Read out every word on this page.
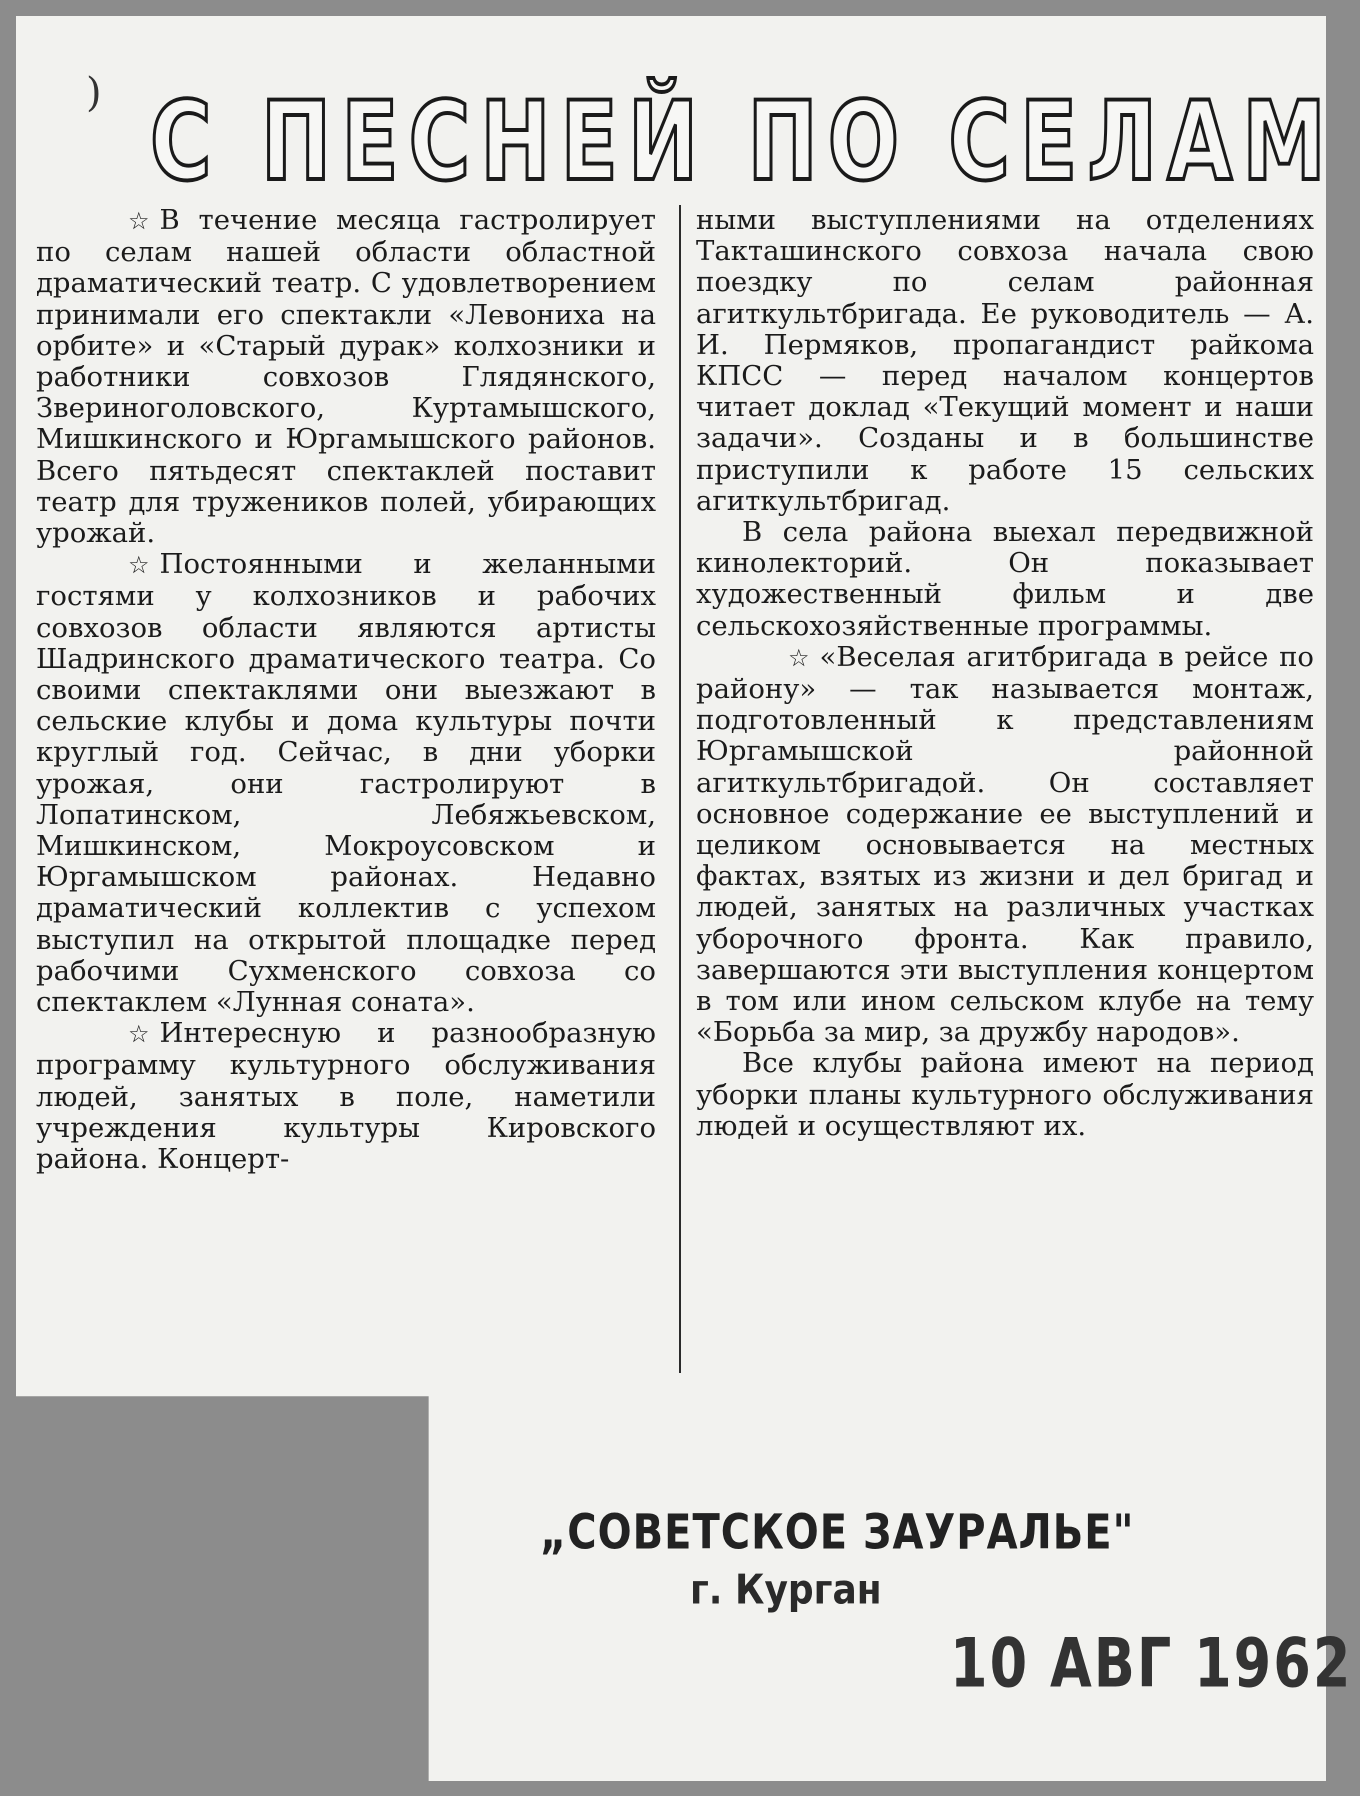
) С ПЕСНЕЙ ПО СЕЛАМ

☆ В течение месяца гастролирует по селам нашей области областной драматический театр. С удовлетворением принимали его спектакли «Левониха на орбите» и «Старый дурак» колхозники и работники совхозов Глядянского, Звериноголовского, Куртамышского, Мишкинского и Юргамышского районов. Всего пятьдесят спектаклей поставит театр для тружеников полей, убирающих урожай.

☆ Постоянными и желанными гостями у колхозников и рабочих совхозов области являются артисты Шадринского драматического театра. Со своими спектаклями они выезжают в сельские клубы и дома культуры почти круглый год. Сейчас, в дни уборки урожая, они гастролируют в Лопатинском, Лебяжьевском, Мишкинском, Мокроусовском и Юргамышском районах. Недавно драматический коллектив с успехом выступил на открытой площадке перед рабочими Сухменского совхоза со спектаклем «Лунная соната».

☆ Интересную и разнообразную программу культурного обслуживания людей, занятых в поле, наметили учреждения культуры Кировского района. Концерт-

ными выступлениями на отделениях Такташинского совхоза начала свою поездку по селам районная агиткультбригада. Ее руководитель — А. И. Пермяков, пропагандист райкома КПСС — перед началом концертов читает доклад «Текущий момент и наши задачи». Созданы и в большинстве приступили к работе 15 сельских агиткультбригад.

В села района выехал передвижной кинолекторий. Он показывает художественный фильм и две сельскохозяйственные программы.

☆ «Веселая агитбригада в рейсе по району» — так называется монтаж, подготовленный к представлениям Юргамышской районной агиткультбригадой. Он составляет основное содержание ее выступлений и целиком основывается на местных фактах, взятых из жизни и дел бригад и людей, занятых на различных участках уборочного фронта. Как правило, завершаются эти выступления концертом в том или ином сельском клубе на тему «Борьба за мир, за дружбу народов».

Все клубы района имеют на период уборки планы культурного обслуживания людей и осуществляют их.

„СОВЕТСКОЕ ЗАУРАЛЬЕ"
г. Курган
10 АВГ 1962
